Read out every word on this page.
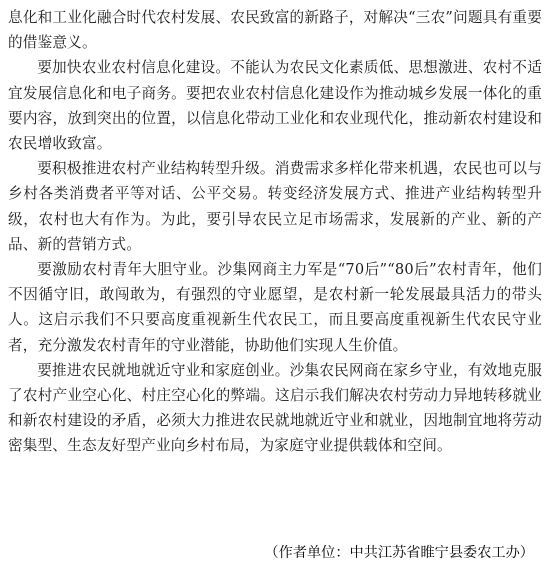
息化和工业化融合时代农村发展、农民致富的新路子，对解决“三农”问题具有重要的借鉴意义。

要加快农业农村信息化建设。不能认为农民文化素质低、思想激进、农村不适宜发展信息化和电子商务。要把农业农村信息化建设作为推动城乡发展一体化的重要内容，放到突出的位置，以信息化带动工业化和农业现代化，推动新农村建设和农民增收致富。

要积极推进农村产业结构转型升级。消费需求多样化带来机遇，农民也可以与乡村各类消费者平等对话、公平交易。转变经济发展方式、推进产业结构转型升级，农村也大有作为。为此，要引导农民立足市场需求，发展新的产业、新的产品、新的营销方式。

要激励农村青年大胆守业。沙集网商主力军是“70后”“80后”农村青年，他们不因循守旧，敢闯敢为，有强烈的守业愿望，是农村新一轮发展最具活力的带头人。这启示我们不只要高度重视新生代农民工，而且要高度重视新生代农民守业者，充分激发农村青年的守业潜能，协助他们实现人生价值。

要推进农民就地就近守业和家庭创业。沙集农民网商在家乡守业，有效地克服了农村产业空心化、村庄空心化的弊端。这启示我们解决农村劳动力异地转移就业和新农村建设的矛盾，必须大力推进农民就地就近守业和就业，因地制宜地将劳动密集型、生态友好型产业向乡村布局，为家庭守业提供载体和空间。

（作者单位：中共江苏省睢宁县委农工办）
